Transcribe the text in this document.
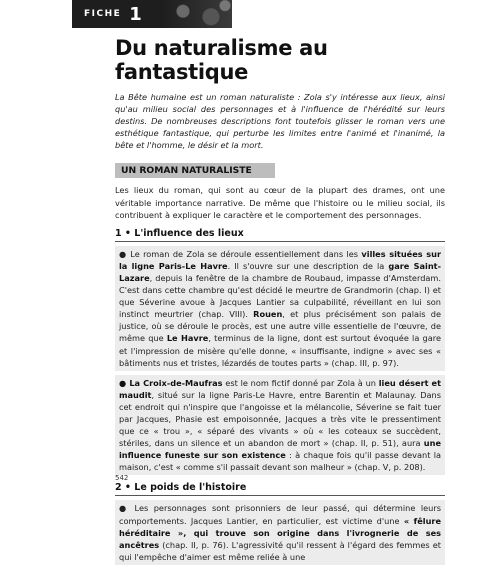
FICHE 1
Du naturalisme au fantastique

La Bête humaine est un roman naturaliste : Zola s'y intéresse aux lieux, ainsi qu'au milieu social des personnages et à l'influence de l'hérédité sur leurs destins. De nombreuses descriptions font toutefois glisser le roman vers une esthétique fantastique, qui perturbe les limites entre l'animé et l'inanimé, la bête et l'homme, le désir et la mort.

UN ROMAN NATURALISTE

Les lieux du roman, qui sont au cœur de la plupart des drames, ont une véritable importance narrative. De même que l'histoire ou le milieu social, ils contribuent à expliquer le caractère et le comportement des personnages.

1 • L'influence des lieux
● Le roman de Zola se déroule essentiellement dans les villes situées sur la ligne Paris-Le Havre. Il s'ouvre sur une description de la gare Saint-Lazare, depuis la fenêtre de la chambre de Roubaud, impasse d'Amsterdam. C'est dans cette chambre qu'est décidé le meurtre de Grandmorin (chap. I) et que Séverine avoue à Jacques Lantier sa culpabilité, réveillant en lui son instinct meurtrier (chap. VIII). Rouen, et plus précisément son palais de justice, où se déroule le procès, est une autre ville essentielle de l'œuvre, de même que Le Havre, terminus de la ligne, dont est surtout évoquée la gare et l'impression de misère qu'elle donne, « insuffisante, indigne » avec ses « bâtiments nus et tristes, lézardés de toutes parts » (chap. III, p. 97).
● La Croix-de-Maufras est le nom fictif donné par Zola à un lieu désert et maudit, situé sur la ligne Paris-Le Havre, entre Barentin et Malaunay. Dans cet endroit qui n'inspire que l'angoisse et la mélancolie, Séverine se fait tuer par Jacques, Phasie est empoisonnée, Jacques a très vite le pressentiment que ce « trou », « séparé des vivants » où « les coteaux se succèdent, stériles, dans un silence et un abandon de mort » (chap. II, p. 51), aura une influence funeste sur son existence : à chaque fois qu'il passe devant la maison, c'est « comme s'il passait devant son malheur » (chap. V, p. 208).
2 • Le poids de l'histoire
● Les personnages sont prisonniers de leur passé, qui détermine leurs comportements. Jacques Lantier, en particulier, est victime d'une « fêlure héréditaire », qui trouve son origine dans l'ivrognerie de ses ancêtres (chap. II, p. 76). L'agressivité qu'il ressent à l'égard des femmes et qui l'empêche d'aimer est même reliée à une
542
